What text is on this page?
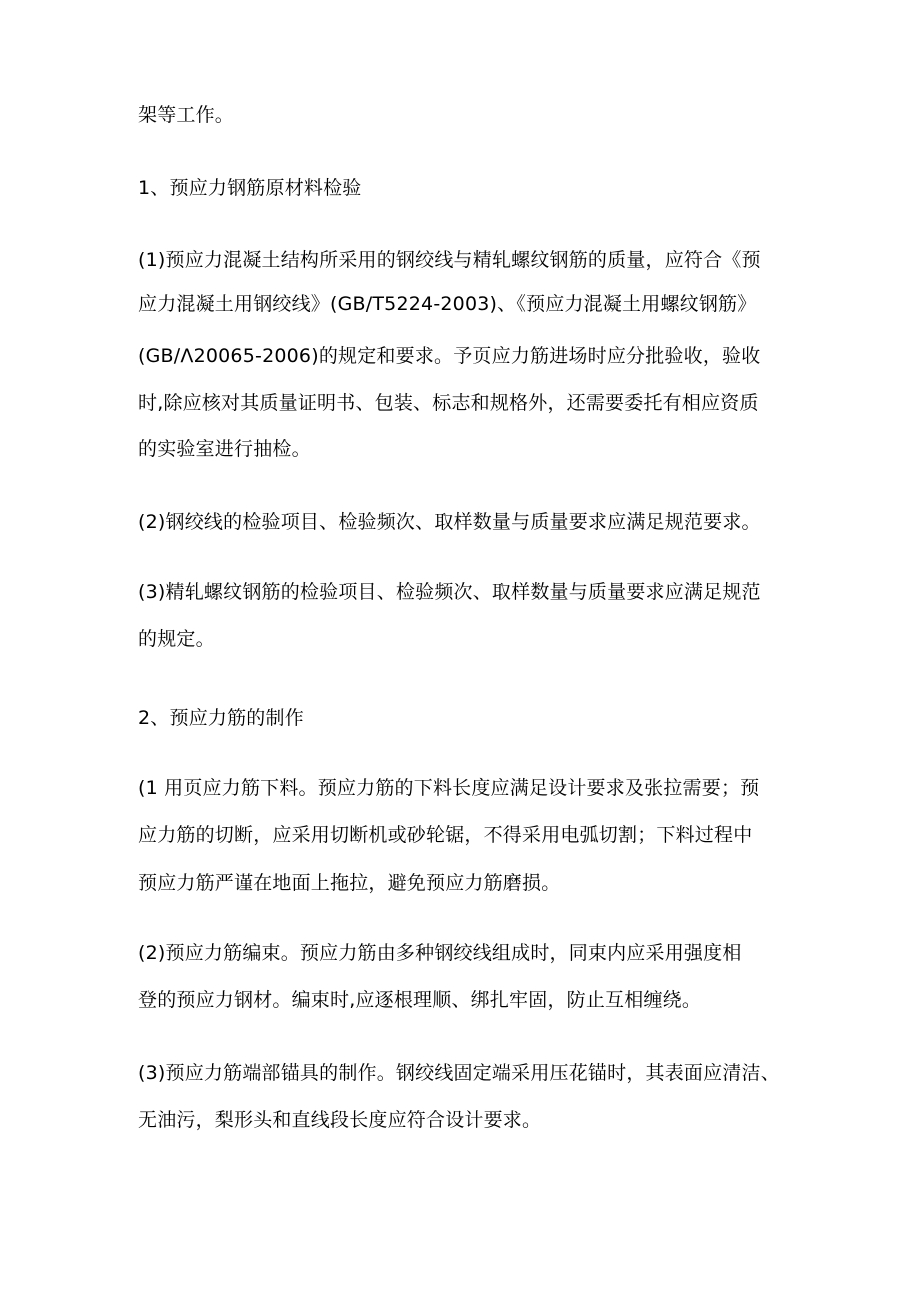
架等工作。
1、预应力钢筋原材料检验
(1)预应力混凝土结构所采用的钢绞线与精轧螺纹钢筋的质量，应符合《预
应力混凝土用钢绞线》(GB/T5224-2003)、《预应力混凝土用螺纹钢筋》
(GB∕Λ20065-2006)的规定和要求。予页应力筋进场时应分批验收，验收
时,除应核对其质量证明书、包装、标志和规格外，还需要委托有相应资质
的实验室进行抽检。
(2)钢绞线的检验项目、检验频次、取样数量与质量要求应满足规范要求。
(3)精轧螺纹钢筋的检验项目、检验频次、取样数量与质量要求应满足规范
的规定。
2、预应力筋的制作
(1 用页应力筋下料。预应力筋的下料长度应满足设计要求及张拉需要；预
应力筋的切断，应采用切断机或砂轮锯，不得采用电弧切割；下料过程中
预应力筋严谨在地面上拖拉，避免预应力筋磨损。
(2)预应力筋编束。预应力筋由多种钢绞线组成时，同束内应采用强度相
登的预应力钢材。编束时,应逐根理顺、绑扎牢固，防止互相缠绕。
(3)预应力筋端部锚具的制作。钢绞线固定端采用压花锚时，其表面应清洁、
无油污，梨形头和直线段长度应符合设计要求。
